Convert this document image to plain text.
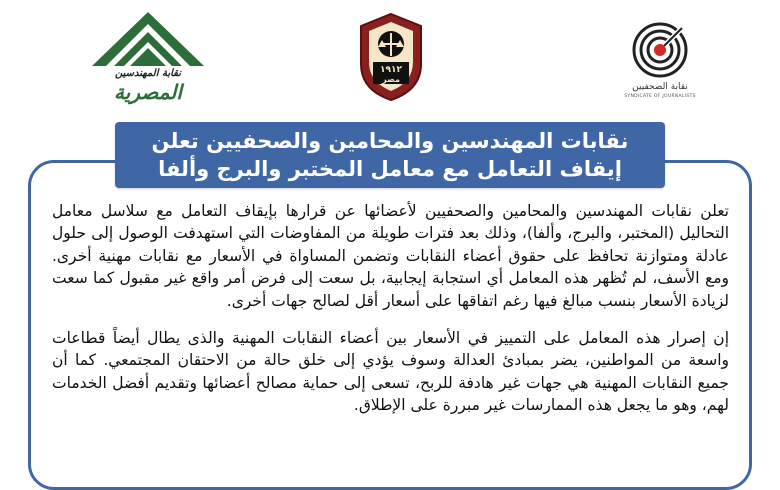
نقابة المهندسين
المصرية
١٩١٢
مصر
نقابة الصحفيين
SYNDICATE OF JOURNALISTS
نقابات المهندسين والمحامين والصحفيين تعلن
إيقاف التعامل مع معامل المختبر والبرج وألفا

تعلن نقابات المهندسين والمحامين والصحفيين لأعضائها عن قرارها بإيقاف التعامل مع سلاسل معامل التحاليل (المختبر، والبرج، وألفا)، وذلك بعد فترات طويلة من المفاوضات التي استهدفت الوصول إلى حلول عادلة ومتوازنة تحافظ على حقوق أعضاء النقابات وتضمن المساواة في الأسعار مع نقابات مهنية أخرى. ومع الأسف، لم تُظهر هذه المعامل أي استجابة إيجابية، بل سعت إلى فرض أمر واقع غير مقبول كما سعت لزيادة الأسعار بنسب مبالغ فيها رغم اتفاقها على أسعار أقل لصالح جهات أخرى.

إن إصرار هذه المعامل على التمييز في الأسعار بين أعضاء النقابات المهنية والذى يطال أيضاً قطاعات واسعة من المواطنين، يضر بمبادئ العدالة وسوف يؤدي إلى خلق حالة من الاحتقان المجتمعي. كما أن جميع النقابات المهنية هي جهات غير هادفة للربح، تسعى إلى حماية مصالح أعضائها وتقديم أفضل الخدمات لهم، وهو ما يجعل هذه الممارسات غير مبررة على الإطلاق.
